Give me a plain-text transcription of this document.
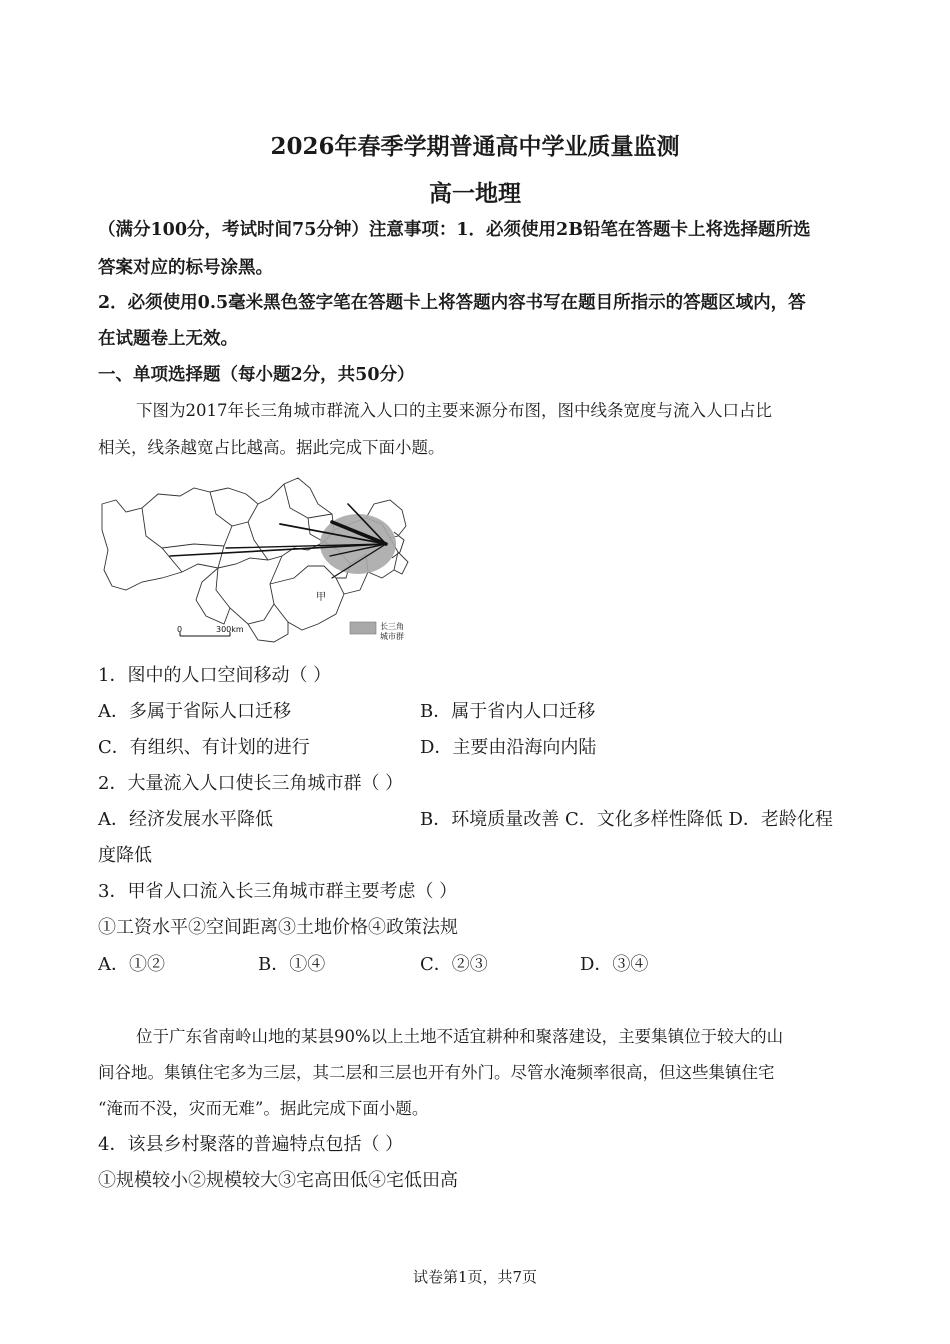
2026年春季学期普通高中学业质量监测
高一地理
（满分100分，考试时间75分钟）注意事项：1．必须使用2B铅笔在答题卡上将选择题所选
答案对应的标号涂黑。
2．必须使用0.5毫米黑色签字笔在答题卡上将答题内容书写在题目所指示的答题区域内，答
在试题卷上无效。
一、单项选择题（每小题2分，共50分）
下图为2017年长三角城市群流入人口的主要来源分布图，图中线条宽度与流入人口占比
相关，线条越宽占比越高。据此完成下面小题。
甲
0	300km	长三角
城市群
1．图中的人口空间移动（ ）
A．多属于省际人口迁移	B．属于省内人口迁移
C．有组织、有计划的进行	D．主要由沿海向内陆
2．大量流入人口使长三角城市群（ ）
A．经济发展水平降低	B．环境质量改善 C．文化多样性降低 D．老龄化程
度降低
3．甲省人口流入长三角城市群主要考虑（ ）
①工资水平②空间距离③土地价格④政策法规
A．①②	B．①④	C．②③	D．③④
位于广东省南岭山地的某县90%以上土地不适宜耕种和聚落建设，主要集镇位于较大的山
间谷地。集镇住宅多为三层，其二层和三层也开有外门。尽管水淹频率很高，但这些集镇住宅
“淹而不没，灾而无难”。据此完成下面小题。
4．该县乡村聚落的普遍特点包括（ ）
①规模较小②规模较大③宅高田低④宅低田高
试卷第1页，共7页
